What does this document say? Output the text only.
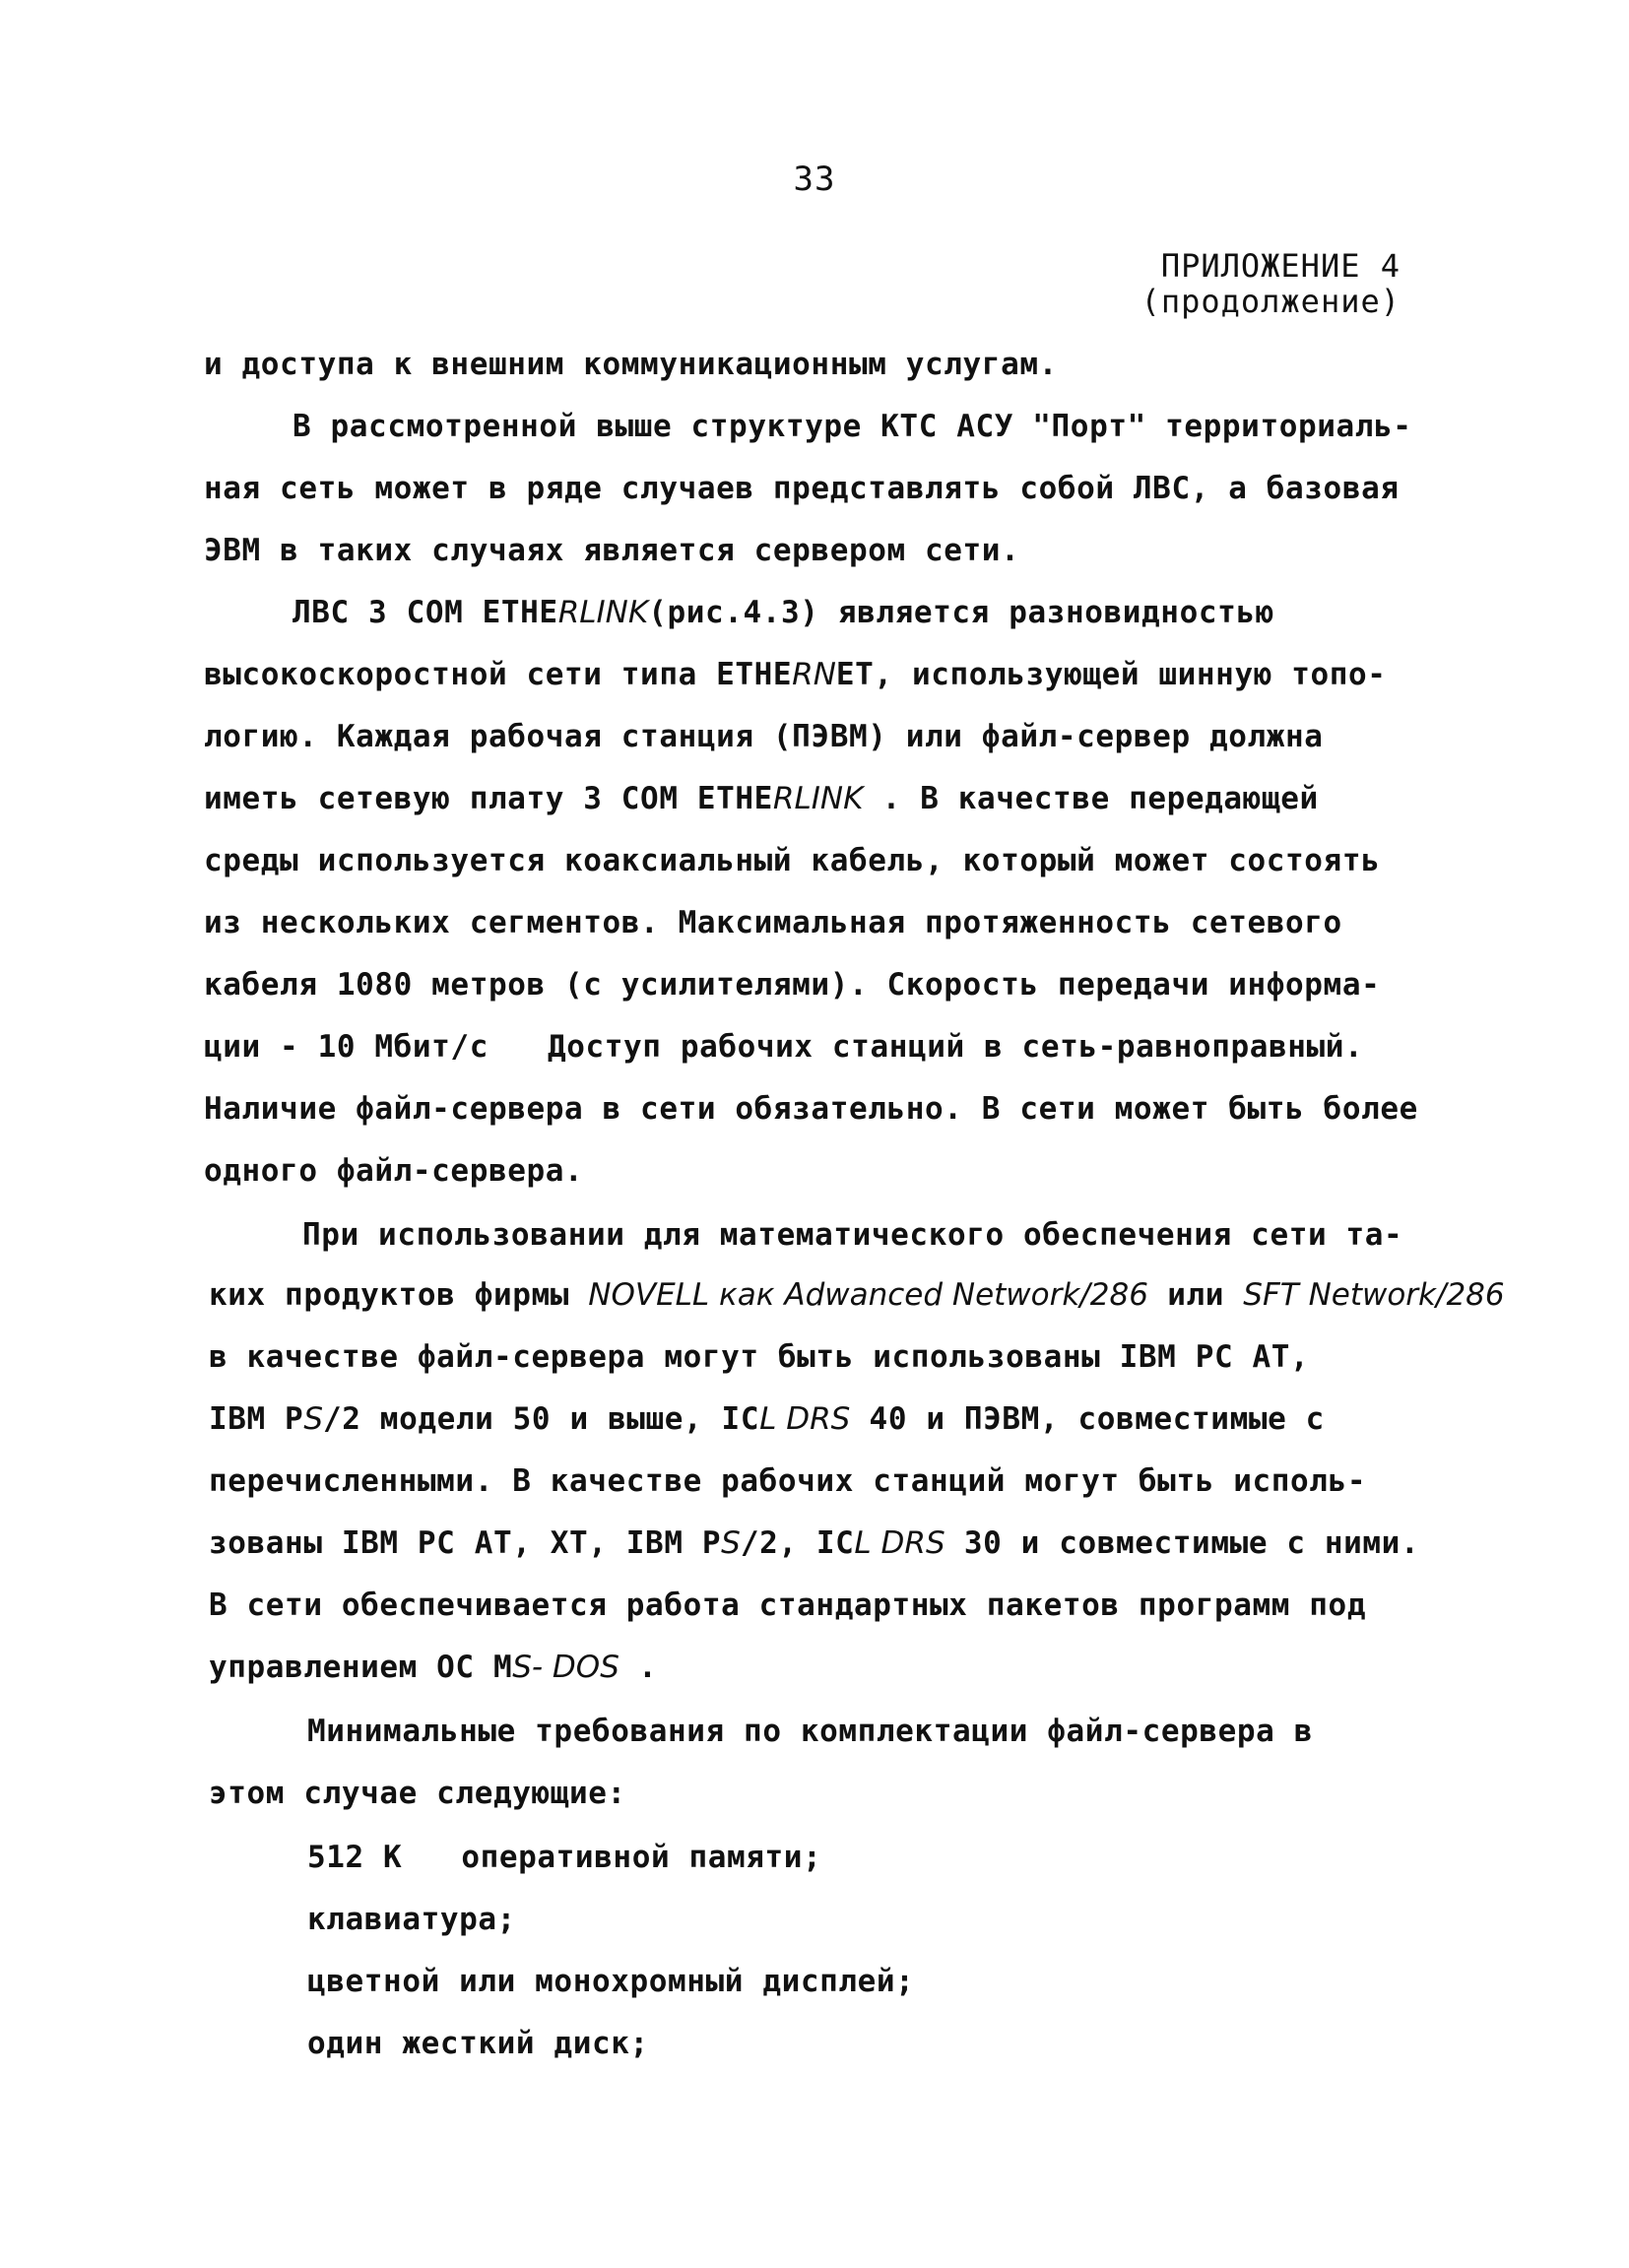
33
ПРИЛОЖЕНИЕ 4
(продолжение)
и доступа к внешним коммуникационным услугам.
В рассмотренной выше структуре КТС АСУ "Порт" территориаль-
ная сеть может в ряде случаев представлять собой ЛВС, а базовая
ЭВМ в таких случаях является сервером сети.
ЛВС 3 COM ETHERLINK(рис.4.3) является разновидностью
высокоскоростной сети типа ETHERNET, использующей шинную топо-
логию. Каждая рабочая станция (ПЭВМ) или файл-сервер должна
иметь сетевую плату 3 COM ETHERLINK . В качестве передающей
среды используется коаксиальный кабель, который может состоять
из нескольких сегментов. Максимальная протяженность сетевого
кабеля 1080 метров (с усилителями). Скорость передачи информа-
ции - 10 Мбит/с Доступ рабочих станций в сеть-равноправный.
Наличие файл-сервера в сети обязательно. В сети может быть более
одного файл-сервера.
При использовании для математического обеспечения сети та-
ких продуктов фирмы NOVELL как Adwanced Network/286 или SFT Network/286
в качестве файл-сервера могут быть использованы IBM PC AT,
IBM PS/2 модели 50 и выше, ICL DRS 40 и ПЭВМ, совместимые с
перечисленными. В качестве рабочих станций могут быть исполь-
зованы IBM PC AT, XT, IBM PS/2, ICL DRS 30 и совместимые с ними.
В сети обеспечивается работа стандартных пакетов программ под
управлением ОС MS- DOS .
Минимальные требования по комплектации файл-сервера в
этом случае следующие:
512 К оперативной памяти;
клавиатура;
цветной или монохромный дисплей;
один жесткий диск;
